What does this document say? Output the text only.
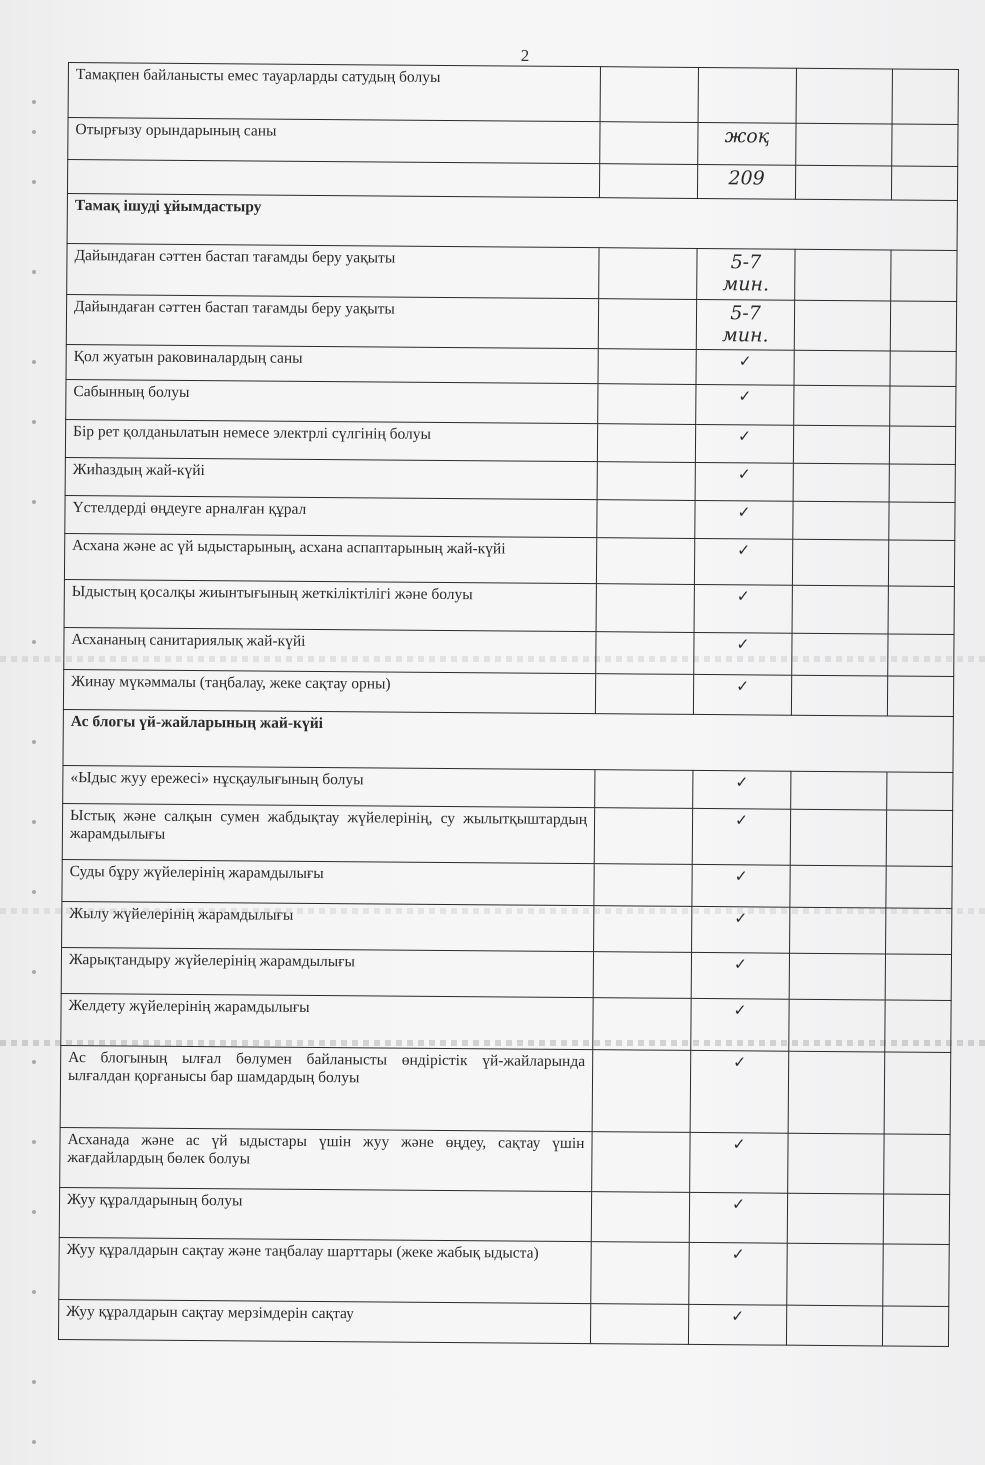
2
Тамақпен байланысты емес тауарларды сатудың болуы				
Отырғызу орындарының саны		жоқ		
		209		
Тамақ ішуді ұйымдастыру				
Дайындаған сәттен бастап тағамды беру уақыты		5-7 мин.		
Дайындаған сәттен бастап тағамды беру уақыты		5-7 мин.		
Қол жуатын раковиналардың саны		✓		
Сабынның болуы		✓		
Бір рет қолданылатын немесе электрлі сүлгінің болуы		✓		
Жиһаздың жай-күйі		✓		
Үстелдерді өңдеуге арналған құрал		✓		
Асхана және ас үй ыдыстарының, асхана аспаптарының жай-күйі		✓		
Ыдыстың қосалқы жиынтығының жеткіліктілігі және болуы		✓		
Асхананың санитариялық жай-күйі		✓		
Жинау мүкәммалы (таңбалау, жеке сақтау орны)		✓		
Ас блогы үй-жайларының жай-күйі				
«Ыдыс жуу ережесі» нұсқаулығының болуы		✓		
Ыстық және салқын сумен жабдықтау жүйелерінің, су жылытқыштардың жарамдылығы		✓		
Суды бұру жүйелерінің жарамдылығы		✓		
Жылу жүйелерінің жарамдылығы		✓		
Жарықтандыру жүйелерінің жарамдылығы		✓		
Желдету жүйелерінің жарамдылығы		✓		
Ас блогының ылғал бөлумен байланысты өндірістік үй-жайларында ылғалдан қорғанысы бар шамдардың болуы		✓		
Асханада және ас үй ыдыстары үшін жуу және өңдеу, сақтау үшін жағдайлардың бөлек болуы		✓		
Жуу құралдарының болуы		✓		
Жуу құралдарын сақтау және таңбалау шарттары (жеке жабық ыдыста)		✓		
Жуу құралдарын сақтау мерзімдерін сақтау		✓		
